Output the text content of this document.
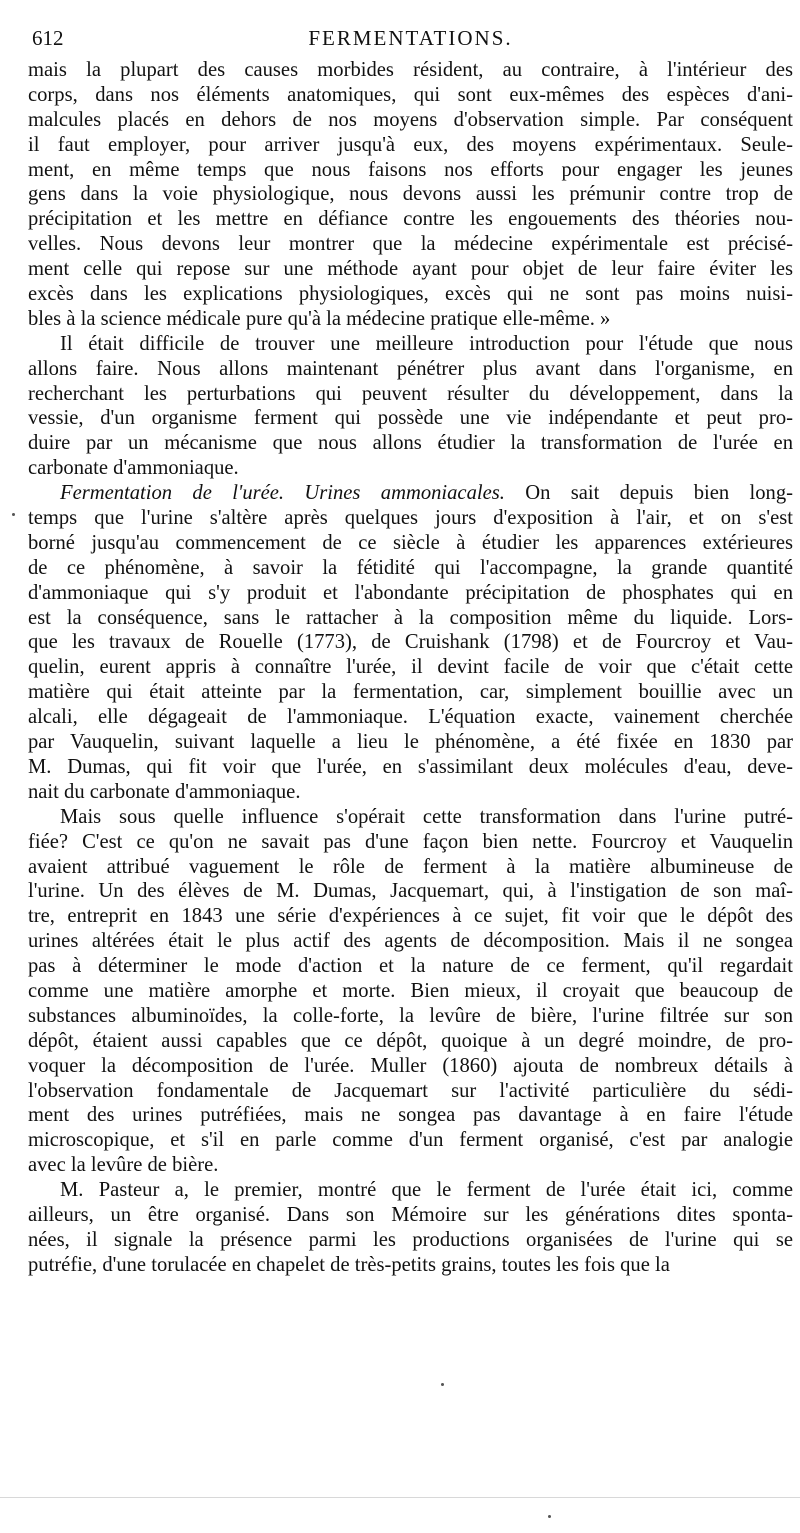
612	FERMENTATIONS.
mais la plupart des causes morbides résident, au contraire, à l'intérieur des
corps, dans nos éléments anatomiques, qui sont eux-mêmes des espèces d'ani-
malcules placés en dehors de nos moyens d'observation simple. Par conséquent
il faut employer, pour arriver jusqu'à eux, des moyens expérimentaux. Seule-
ment, en même temps que nous faisons nos efforts pour engager les jeunes
gens dans la voie physiologique, nous devons aussi les prémunir contre trop de
précipitation et les mettre en défiance contre les engouements des théories nou-
velles. Nous devons leur montrer que la médecine expérimentale est précisé-
ment celle qui repose sur une méthode ayant pour objet de leur faire éviter les
excès dans les explications physiologiques, excès qui ne sont pas moins nuisi-
bles à la science médicale pure qu'à la médecine pratique elle-même. »
Il était difficile de trouver une meilleure introduction pour l'étude que nous
allons faire. Nous allons maintenant pénétrer plus avant dans l'organisme, en
recherchant les perturbations qui peuvent résulter du développement, dans la
vessie, d'un organisme ferment qui possède une vie indépendante et peut pro-
duire par un mécanisme que nous allons étudier la transformation de l'urée en
carbonate d'ammoniaque.
Fermentation de l'urée. Urines ammoniacales. On sait depuis bien long-
temps que l'urine s'altère après quelques jours d'exposition à l'air, et on s'est
borné jusqu'au commencement de ce siècle à étudier les apparences extérieures
de ce phénomène, à savoir la fétidité qui l'accompagne, la grande quantité
d'ammoniaque qui s'y produit et l'abondante précipitation de phosphates qui en
est la conséquence, sans le rattacher à la composition même du liquide. Lors-
que les travaux de Rouelle (1773), de Cruishank (1798) et de Fourcroy et Vau-
quelin, eurent appris à connaître l'urée, il devint facile de voir que c'était cette
matière qui était atteinte par la fermentation, car, simplement bouillie avec un
alcali, elle dégageait de l'ammoniaque. L'équation exacte, vainement cherchée
par Vauquelin, suivant laquelle a lieu le phénomène, a été fixée en 1830 par
M. Dumas, qui fit voir que l'urée, en s'assimilant deux molécules d'eau, deve-
nait du carbonate d'ammoniaque.
Mais sous quelle influence s'opérait cette transformation dans l'urine putré-
fiée? C'est ce qu'on ne savait pas d'une façon bien nette. Fourcroy et Vauquelin
avaient attribué vaguement le rôle de ferment à la matière albumineuse de
l'urine. Un des élèves de M. Dumas, Jacquemart, qui, à l'instigation de son maî-
tre, entreprit en 1843 une série d'expériences à ce sujet, fit voir que le dépôt des
urines altérées était le plus actif des agents de décomposition. Mais il ne songea
pas à déterminer le mode d'action et la nature de ce ferment, qu'il regardait
comme une matière amorphe et morte. Bien mieux, il croyait que beaucoup de
substances albuminoïdes, la colle-forte, la levûre de bière, l'urine filtrée sur son
dépôt, étaient aussi capables que ce dépôt, quoique à un degré moindre, de pro-
voquer la décomposition de l'urée. Muller (1860) ajouta de nombreux détails à
l'observation fondamentale de Jacquemart sur l'activité particulière du sédi-
ment des urines putréfiées, mais ne songea pas davantage à en faire l'étude
microscopique, et s'il en parle comme d'un ferment organisé, c'est par analogie
avec la levûre de bière.
M. Pasteur a, le premier, montré que le ferment de l'urée était ici, comme
ailleurs, un être organisé. Dans son Mémoire sur les générations dites sponta-
nées, il signale la présence parmi les productions organisées de l'urine qui se
putréfie, d'une torulacée en chapelet de très-petits grains, toutes les fois que la
